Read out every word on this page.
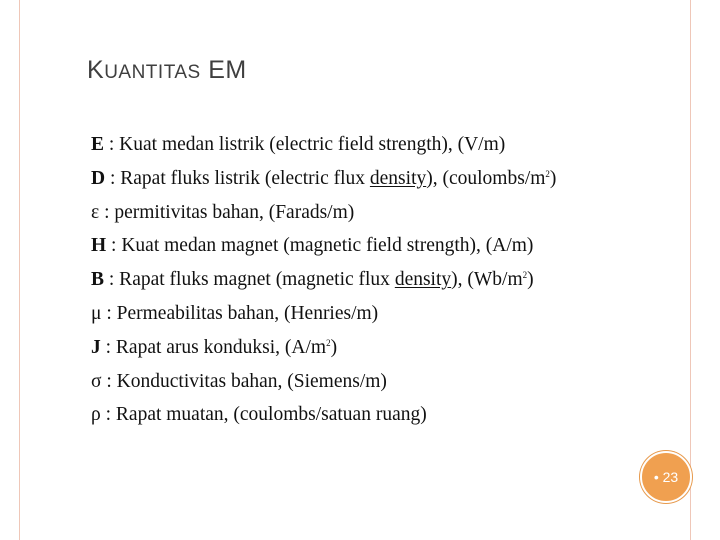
KUANTITAS EM
E : Kuat medan listrik (electric field strength), (V/m)
D : Rapat fluks listrik (electric flux density), $(coulombs/m^2)$
ε : permitivitas bahan, (Farads/m)
H : Kuat medan magnet (magnetic field strength), (A/m)
B : Rapat fluks magnet (magnetic flux density), $(Wb/m^2)$
μ : Permeabilitas bahan, (Henries/m)
J : Rapat arus konduksi, $(A/m^2)$
σ : Konductivitas bahan, (Siemens/m)
ρ : Rapat muatan, (coulombs/satuan ruang)
• 23
